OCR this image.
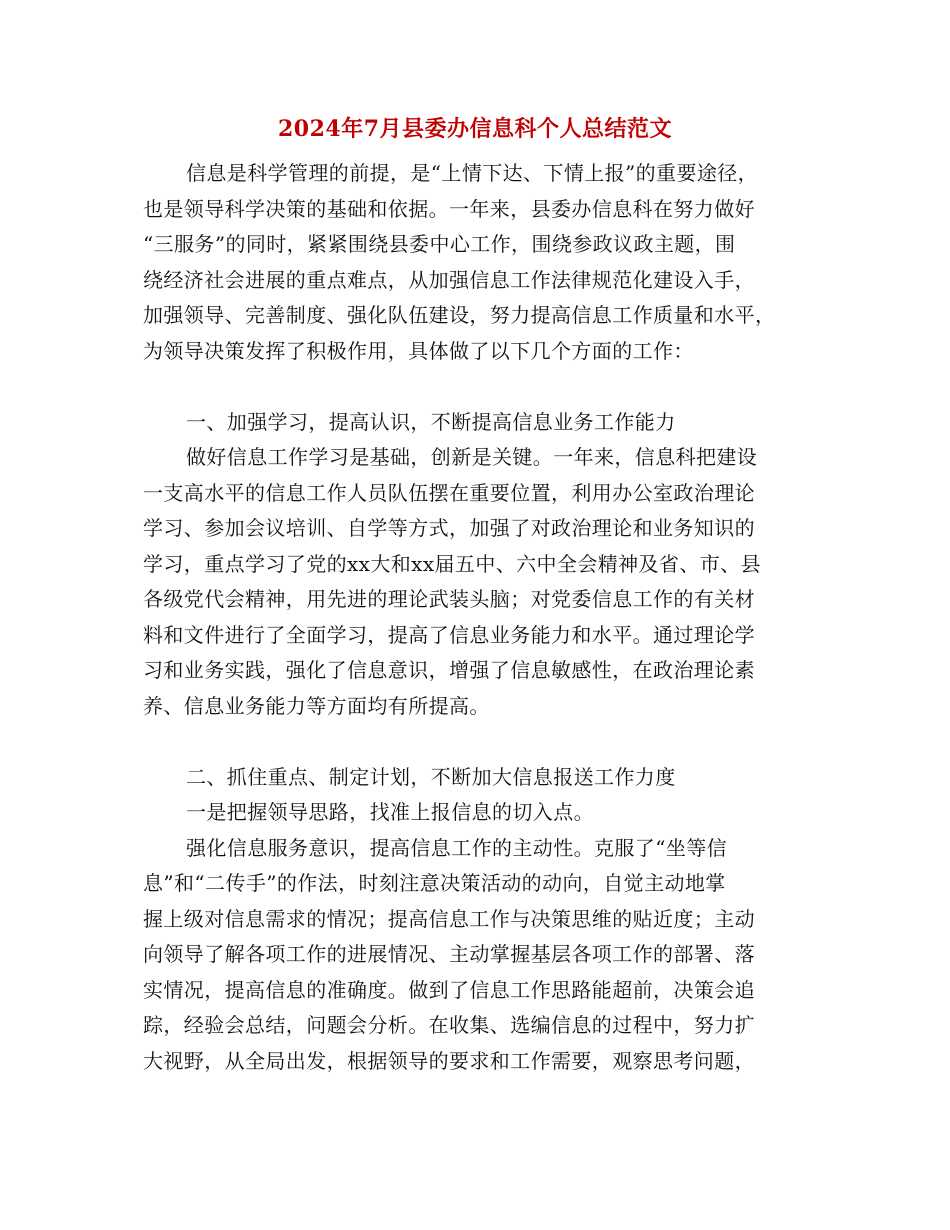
2024年7月县委办信息科个人总结范文
信息是科学管理的前提，是“上情下达、下情上报”的重要途径，
也是领导科学决策的基础和依据。一年来，县委办信息科在努力做好
“三服务”的同时，紧紧围绕县委中心工作，围绕参政议政主题，围
绕经济社会进展的重点难点，从加强信息工作法律规范化建设入手，
加强领导、完善制度、强化队伍建设，努力提高信息工作质量和水平，
为领导决策发挥了积极作用，具体做了以下几个方面的工作：
一、加强学习，提高认识，不断提高信息业务工作能力
做好信息工作学习是基础，创新是关键。一年来，信息科把建设
一支高水平的信息工作人员队伍摆在重要位置，利用办公室政治理论
学习、参加会议培训、自学等方式，加强了对政治理论和业务知识的
学习，重点学习了党的xx大和xx届五中、六中全会精神及省、市、县
各级党代会精神，用先进的理论武装头脑；对党委信息工作的有关材
料和文件进行了全面学习，提高了信息业务能力和水平。通过理论学
习和业务实践，强化了信息意识，增强了信息敏感性，在政治理论素
养、信息业务能力等方面均有所提高。
二、抓住重点、制定计划，不断加大信息报送工作力度
一是把握领导思路，找准上报信息的切入点。
强化信息服务意识，提高信息工作的主动性。克服了“坐等信
息”和“二传手”的作法，时刻注意决策活动的动向，自觉主动地掌
握上级对信息需求的情况；提高信息工作与决策思维的贴近度；主动
向领导了解各项工作的进展情况、主动掌握基层各项工作的部署、落
实情况，提高信息的准确度。做到了信息工作思路能超前，决策会追
踪，经验会总结，问题会分析。在收集、选编信息的过程中，努力扩
大视野，从全局出发，根据领导的要求和工作需要，观察思考问题，
